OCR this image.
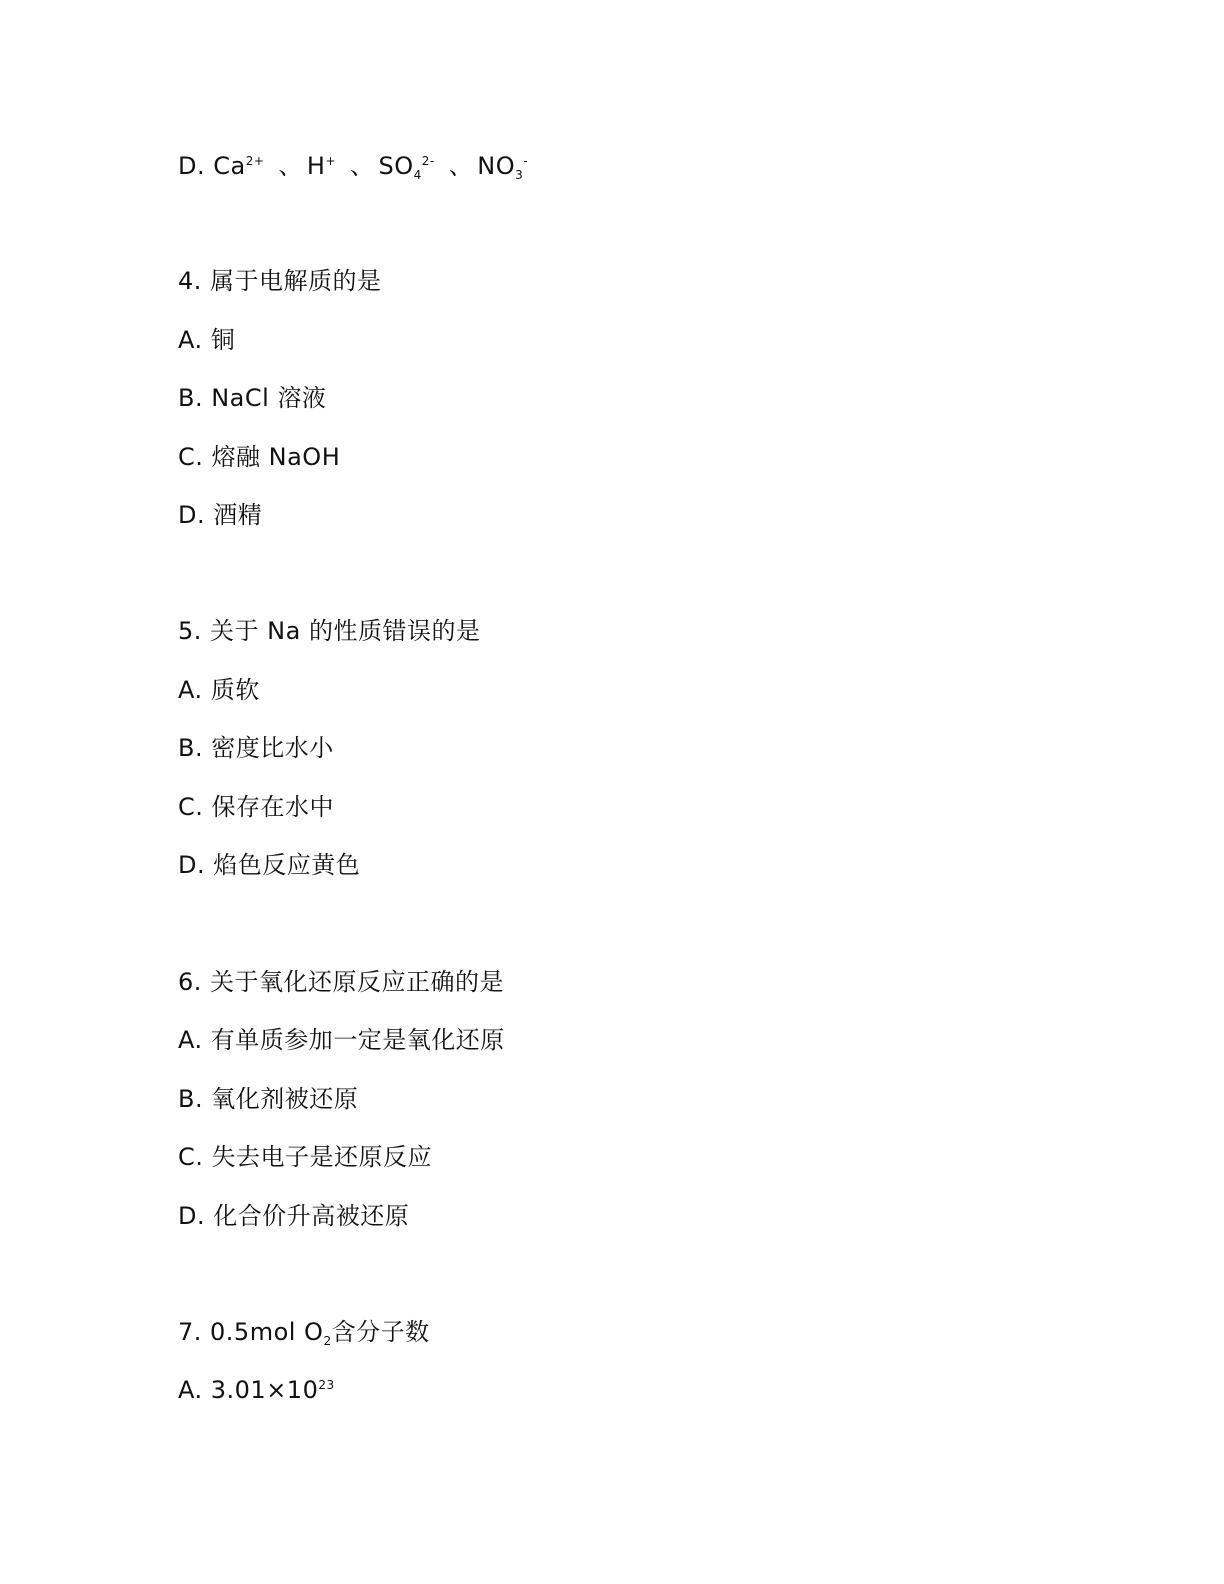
D. $Ca^{2+}$ 、 H+ 、 $SO_4^{2-}$ 、 $NO_3^-$
4. 属于电解质的是
A. 铜
B. NaCl 溶液
C. 熔融 NaOH
D. 酒精
5. 关于 Na 的性质错误的是
A. 质软
B. 密度比水小
C. 保存在水中
D. 焰色反应黄色
6. 关于氧化还原反应正确的是
A. 有单质参加一定是氧化还原
B. 氧化剂被还原
C. 失去电子是还原反应
D. 化合价升高被还原
7. 0.5mol $O_2$含分子数
A. $3.01\times 10^{23}$
